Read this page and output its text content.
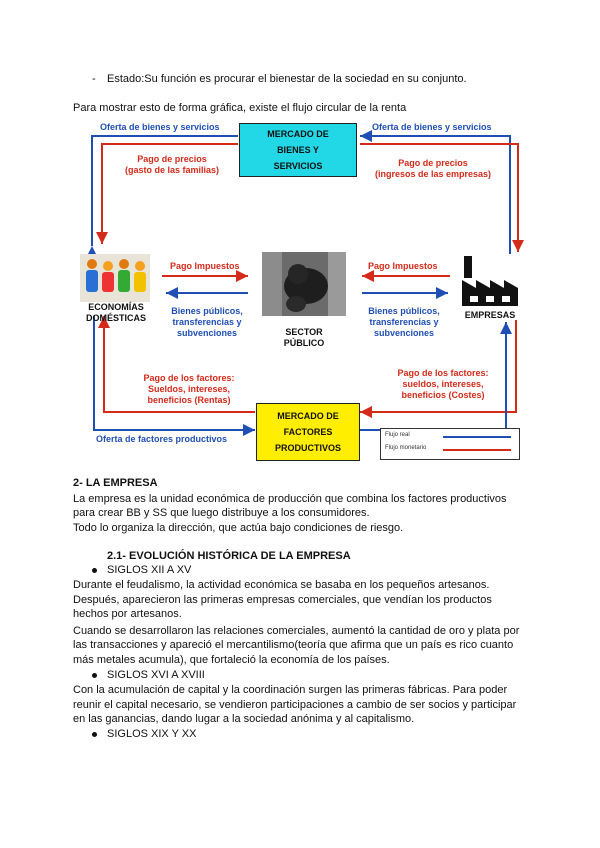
- Estado:Su función es procurar el bienestar de la sociedad en su conjunto.
Para mostrar esto de forma gráfica, existe el flujo circular de la renta
MERCADO DE
BIENES Y
SERVICIOS
MERCADO DE
FACTORES
PRODUCTIVOS
ECONOMÍAS
DOMÉSTICAS
SECTOR
PÚBLICO
EMPRESAS
Oferta de bienes y servicios	Oferta de bienes y servicios
Pago de precios
(gasto de las familias)
Pago de precios
(ingresos de las empresas)
Pago Impuestos	Pago Impuestos
Bienes públicos,
transferencias y
subvenciones
Bienes públicos,
transferencias y
subvenciones
Pago de los factores:
Sueldos, intereses,
beneficios (Rentas)
Pago de los factores:
sueldos, intereses,
beneficios (Costes)
Oferta de factores productivos	Flujo real
Flujo monetario
2- LA EMPRESA
La empresa es la unidad económica de producción que combina los factores productivos
para crear BB y SS que luego distribuye a los consumidores.
Todo lo organiza la dirección, que actúa bajo condiciones de riesgo.
2.1- EVOLUCIÓN HISTÓRICA DE LA EMPRESA
SIGLOS XII A XV
Durante el feudalismo, la actividad económica se basaba en los pequeños artesanos.
Después, aparecieron las primeras empresas comerciales, que vendían los productos
hechos por artesanos.
Cuando se desarrollaron las relaciones comerciales, aumentó la cantidad de oro y plata por
las transacciones y apareció el mercantilismo(teoría que afirma que un país es rico cuanto
más metales acumula), que fortaleció la economía de los países.
SIGLOS XVI A XVIII
Con la acumulación de capital y la coordinación surgen las primeras fábricas. Para poder
reunir el capital necesario, se vendieron participaciones a cambio de ser socios y participar
en las ganancias, dando lugar a la sociedad anónima y al capitalismo.
SIGLOS XIX Y XX
